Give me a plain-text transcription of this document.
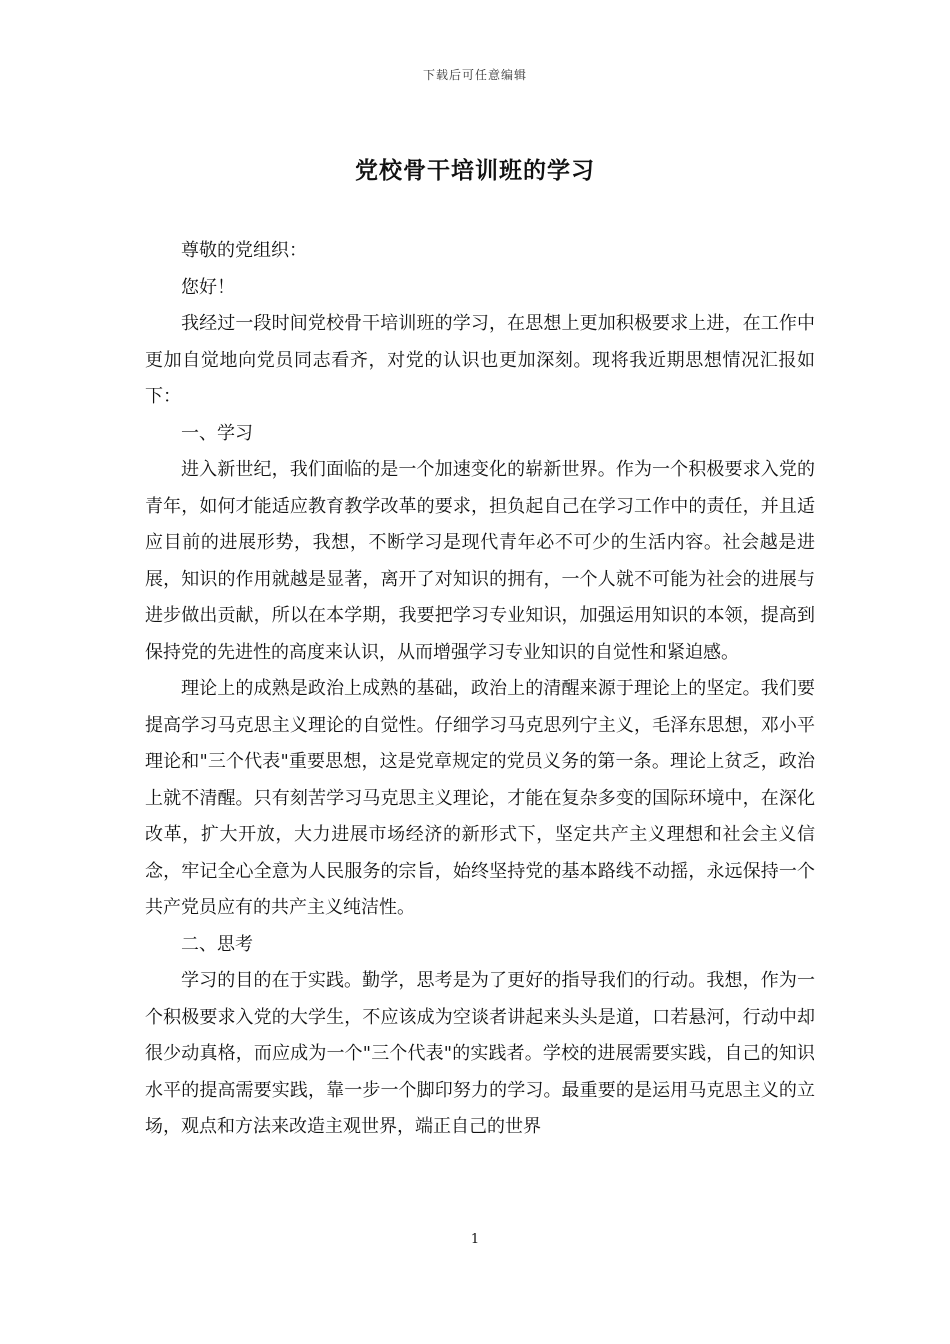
下载后可任意编辑
党校骨干培训班的学习

尊敬的党组织：

您好！

我经过一段时间党校骨干培训班的学习，在思想上更加积极要求上进，在工作中更加自觉地向党员同志看齐，对党的认识也更加深刻。现将我近期思想情况汇报如下：

一、学习

进入新世纪，我们面临的是一个加速变化的崭新世界。作为一个积极要求入党的青年，如何才能适应教育教学改革的要求，担负起自己在学习工作中的责任，并且适应目前的进展形势，我想，不断学习是现代青年必不可少的生活内容。社会越是进展，知识的作用就越是显著，离开了对知识的拥有，一个人就不可能为社会的进展与进步做出贡献，所以在本学期，我要把学习专业知识，加强运用知识的本领，提高到保持党的先进性的高度来认识，从而增强学习专业知识的自觉性和紧迫感。

理论上的成熟是政治上成熟的基础，政治上的清醒来源于理论上的坚定。我们要提高学习马克思主义理论的自觉性。仔细学习马克思列宁主义，毛泽东思想，邓小平理论和"三个代表"重要思想，这是党章规定的党员义务的第一条。理论上贫乏，政治上就不清醒。只有刻苦学习马克思主义理论，才能在复杂多变的国际环境中，在深化改革，扩大开放，大力进展市场经济的新形式下，坚定共产主义理想和社会主义信念，牢记全心全意为人民服务的宗旨，始终坚持党的基本路线不动摇，永远保持一个共产党员应有的共产主义纯洁性。

二、思考

学习的目的在于实践。勤学，思考是为了更好的指导我们的行动。我想，作为一个积极要求入党的大学生，不应该成为空谈者讲起来头头是道，口若悬河，行动中却很少动真格，而应成为一个"三个代表"的实践者。学校的进展需要实践，自己的知识水平的提高需要实践，靠一步一个脚印努力的学习。最重要的是运用马克思主义的立场，观点和方法来改造主观世界，端正自己的世界

1
